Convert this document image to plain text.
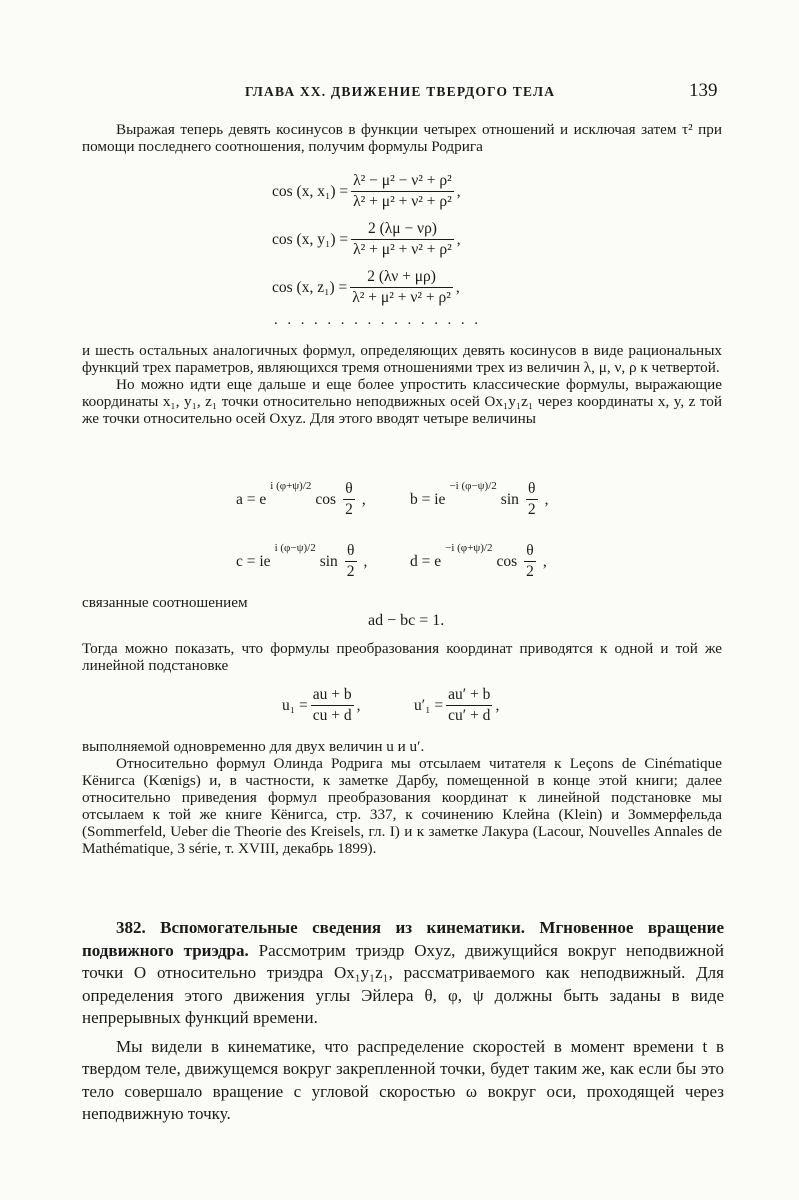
ГЛАВА XX. ДВИЖЕНИЕ ТВЕРДОГО ТЕЛА	139

Выражая теперь девять косинусов в функции четырех отношений и исключая затем τ² при помощи последнего соотношения, получим формулы Родрига

cos (x, $x_1) = \frac{\text{λ² − μ² − ν² + ρ²}}{\text{λ² + μ² + ν² + ρ²}}$ ,
cos (x, $y_1) = \frac{2 (\lambda\mu - \nu\rho)}{\text{λ² + μ² + ν² + ρ²}}$ ,
cos (x, $z_1) = \frac{2 (\lambda\nu + \mu\rho)}{\text{λ² + μ² + ν² + ρ²}}$ ,
................

и шесть остальных аналогичных формул, определяющих девять косинусов в виде рациональных функций трех параметров, являющихся тремя отношениями трех из величин λ, μ, ν, ρ к четвертой.

Но можно идти еще дальше и еще более упростить классические формулы, выражающие координаты x₁, y₁, z₁ точки относительно неподвижных осей Ox₁y₁z₁ через координаты x, y, z той же точки относительно осей Oxyz. Для этого вводят четыре величины

a = e
$^{i (\varphi+\psi)/2}$
$\cos \frac{\theta}{2}$ ,	b = ie
$^{-i (\varphi-\psi)/2}$
$\sin \frac{\theta}{2}$ ,
c = ie
$^{i (\varphi-\psi)/2}$
$\sin \frac{\theta}{2}$ ,	d = e
$^{-i (\varphi+\psi)/2}$
$\cos \frac{\theta}{2}$ ,

связанные соотношением

ad − bc = 1.

Тогда можно показать, что формулы преобразования координат приводятся к одной и той же линейной подстановке

$u_1 = \frac{au + b}{cu + d}$ ,	$u'_1 = \frac{au' + b}{cu' + d}$ ,

выполняемой одновременно для двух величин u и u′.

Относительно формул Олинда Родрига мы отсылаем читателя к Leçons de Cinématique Кёнигса (Kœnigs) и, в частности, к заметке Дарбу, помещенной в конце этой книги; далее относительно приведения формул преобразования координат к линейной подстановке мы отсылаем к той же книге Кёнигса, стр. 337, к сочинению Клейна (Klein) и Зоммерфельда (Sommerfeld, Ueber die Theorie des Kreisels, гл. I) и к заметке Лакура (Lacour, Nouvelles Annales de Mathématique, 3 série, т. XVIII, декабрь 1899).

382. Вспомогательные сведения из кинематики. Мгновенное вращение подвижного триэдра. Рассмотрим триэдр Oxyz, движущийся вокруг неподвижной точки O относительно триэдра Ox₁y₁z₁, рассматриваемого как неподвижный. Для определения этого движения углы Эйлера θ, φ, ψ должны быть заданы в виде непрерывных функций времени.

Мы видели в кинематике, что распределение скоростей в момент времени t в твердом теле, движущемся вокруг закрепленной точки, будет таким же, как если бы это тело совершало вращение с угловой скоростью ω вокруг оси, проходящей через неподвижную точку.
